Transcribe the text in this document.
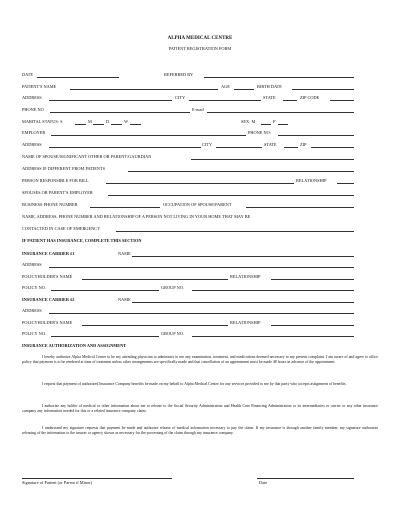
ALPHA MEDICAL CENTRE
PATIENT REGISTRATION FORM
DATE	REFERRED BY
PATIENT'S NAME	AGE	BIRTH DATE
ADDRESS	CITY	STATE	ZIP CODE
PHONE NO	E-mail
MARITAL STATUS: S	M	D	W	SEX: M	F
EMPLOYER	PHONE NO:
ADDRESS	CITY	STATE	ZIP
NAME OF SPOUSE/SIGNIFICANT OTHER OR PARENT/GAURDIAN
ADDRESS IF DIFFERENT FROM PATIENTS
PERSON RESPONSIBLE FOR BILL	RELATIONSHIP
SPOUSES OR PARENT'S EMPLOYER
BUSINESS PHONE NUMBER	OCCUPATION OF SPOUSE/PARENT
NAME, ADDRESS, PHONE NUMBER AND RELATIONSHIP OF A PERSON NOT LIVING IN YOUR HOME THAT MAY BE
CONTACTED IN CASE OF EMERGENCY
IF PATIENT HAS INSURANCE, COMPLETE THIS SECTION
INSURANCE CARRIER #1	NAME
ADDRESS
POLICYHOLDER'S NAME	RELATIONSHIP
POLICY NO.	GROUP NO.
INSURANCE CARRIER #2	NAME
ADDRESS
POLICYHOLDER'S NAME	RELATIONSHIP
POLICY NO.	GROUP NO.
INSURANCE AUTHORIZATION AND ASSIGNMENT
I hereby authorize Alpha Medical Centre to be my attending physician to administer to me any examination, treatment, and medications deemed necessary to my present complaint. I am aware of and agree to office policy that payment is to be rendered at time of treatment unless other arrangements are specifically made and that cancellation of an appointment must be made 48 hours in advance of the appointment.
I request that payment of authorized Insurance Company benefits be made on my behalf to Alpha Medical Centre for any services provided to me by that party who accepts assignment of benefits.
I authorize any holder of medical or other information about me to release to the Social Security Administration and Health Care Financing Administration or its intermediaries or carrier or any other insurance company any information needed for this or a related insurance company claim.
I understand my signature requests that payment be made and authorize release of medical information necessary to pay the claim. If my insurance is through another family member, my signature authorizes releasing of the information to the insurer or agency shown as necessary for the processing of the claim through my insurance company.
Signature of Patient (or Parent if Minor)	Date
